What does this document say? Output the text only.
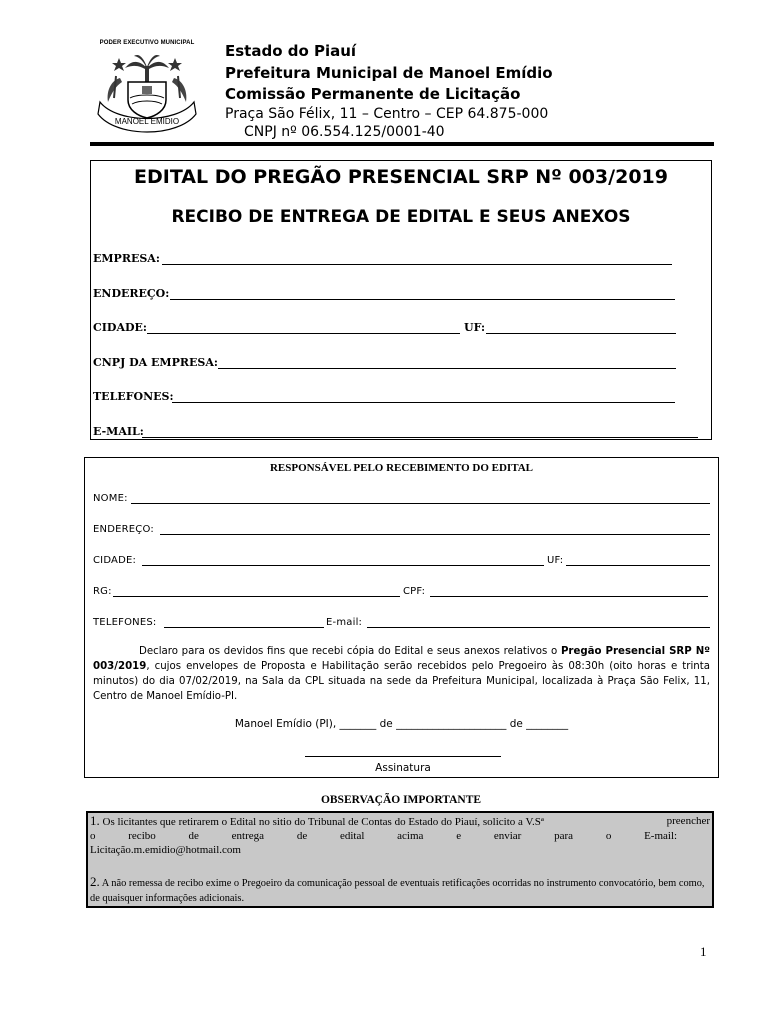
PODER EXECUTIVO MUNICIPAL
MANOEL EMÍDIO
Estado do Piauí
Prefeitura Municipal de Manoel Emídio
Comissão Permanente de Licitação
Praça São Félix, 11 – Centro – CEP 64.875-000
CNPJ nº 06.554.125/0001-40
EDITAL DO PREGÃO PRESENCIAL SRP Nº 003/2019
RECIBO DE ENTREGA DE EDITAL E SEUS ANEXOS
EMPRESA:
ENDEREÇO:
CIDADE:	UF:
CNPJ DA EMPRESA:
TELEFONES:
E-MAIL:
RESPONSÁVEL PELO RECEBIMENTO DO EDITAL
NOME:
ENDEREÇO:
CIDADE:	UF:
RG:	CPF:
TELEFONES:	E-mail:
Declaro para os devidos fins que recebi cópia do Edital e seus anexos relativos o Pregão Presencial SRP Nº 003/2019, cujos envelopes de Proposta e Habilitação serão recebidos pelo Pregoeiro às 08:30h (oito horas e trinta minutos) do dia 07/02/2019, na Sala da CPL situada na sede da Prefeitura Municipal, localizada à Praça São Felix, 11, Centro de Manoel Emídio-PI.
Manoel Emídio (PI), _______ de _____________________ de ________
Assinatura
OBSERVAÇÃO IMPORTANTE
1. Os licitantes que retirarem o Edital no sitio do Tribunal de Contas do Estado do Piauí, solicito a V.Sª	preencher
o	recibo	de	entrega	de	edital	acima	e	enviar	para	o	E-mail:
Licitação.m.emidio@hotmail.com
2. A não remessa de recibo exime o Pregoeiro da comunicação pessoal de eventuais retificações ocorridas no instrumento convocatório, bem como, de quaisquer informações adicionais.
1
